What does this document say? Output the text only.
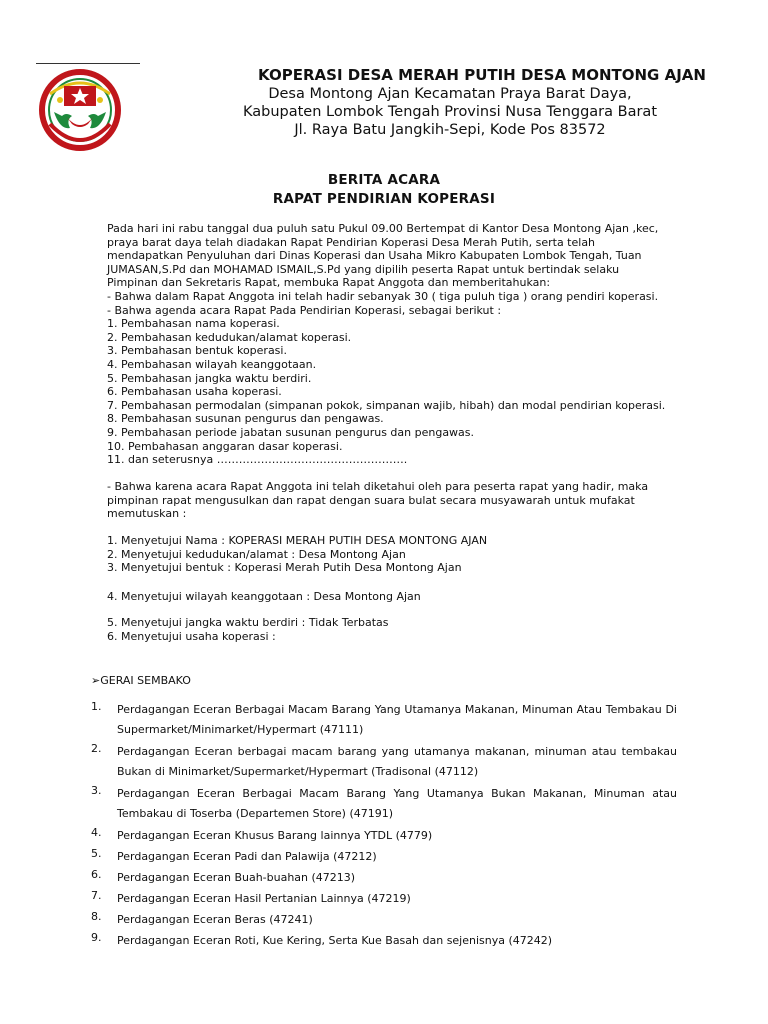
KOPERASI DESA MERAH PUTIH DESA MONTONG AJAN
Desa Montong Ajan Kecamatan Praya Barat Daya,
Kabupaten Lombok Tengah Provinsi Nusa Tenggara Barat
Jl. Raya Batu Jangkih-Sepi, Kode Pos 83572
BERITA ACARA
RAPAT PENDIRIAN KOPERASI
Pada hari ini rabu tanggal dua puluh satu Pukul 09.00 Bertempat di Kantor Desa Montong Ajan ,kec,
praya barat daya telah diadakan Rapat Pendirian Koperasi Desa Merah Putih, serta telah
mendapatkan Penyuluhan dari Dinas Koperasi dan Usaha Mikro Kabupaten Lombok Tengah, Tuan
JUMASAN,S.Pd dan MOHAMAD ISMAIL,S.Pd yang dipilih peserta Rapat untuk bertindak selaku
Pimpinan dan Sekretaris Rapat, membuka Rapat Anggota dan memberitahukan:
- Bahwa dalam Rapat Anggota ini telah hadir sebanyak 30 ( tiga puluh tiga ) orang pendiri koperasi.
- Bahwa agenda acara Rapat Pada Pendirian Koperasi, sebagai berikut :
1. Pembahasan nama koperasi.
2. Pembahasan kedudukan/alamat koperasi.
3. Pembahasan bentuk koperasi.
4. Pembahasan wilayah keanggotaan.
5. Pembahasan jangka waktu berdiri.
6. Pembahasan usaha koperasi.
7. Pembahasan permodalan (simpanan pokok, simpanan wajib, hibah) dan modal pendirian koperasi.
8. Pembahasan susunan pengurus dan pengawas.
9. Pembahasan periode jabatan susunan pengurus dan pengawas.
10. Pembahasan anggaran dasar koperasi.
11. dan seterusnya …………………………………………….
- Bahwa karena acara Rapat Anggota ini telah diketahui oleh para peserta rapat yang hadir, maka
pimpinan rapat mengusulkan dan rapat dengan suara bulat secara musyawarah untuk mufakat
memutuskan :
1. Menyetujui Nama : KOPERASI MERAH PUTIH DESA MONTONG AJAN
2. Menyetujui kedudukan/alamat : Desa Montong Ajan
3. Menyetujui bentuk : Koperasi Merah Putih Desa Montong Ajan
4. Menyetujui wilayah keanggotaan : Desa Montong Ajan
5. Menyetujui jangka waktu berdiri : Tidak Terbatas
6. Menyetujui usaha koperasi :
➢GERAI SEMBAKO
1. Perdagangan Eceran Berbagai Macam Barang Yang Utamanya Makanan, Minuman Atau Tembakau Di Supermarket/Minimarket/Hypermart (47111)
2. Perdagangan Eceran berbagai macam barang yang utamanya makanan, minuman atau tembakau Bukan di Minimarket/Supermarket/Hypermart (Tradisonal (47112)
3. Perdagangan Eceran Berbagai Macam Barang Yang Utamanya Bukan Makanan, Minuman atau Tembakau di Toserba (Departemen Store) (47191)
4. Perdagangan Eceran Khusus Barang lainnya YTDL (4779)
5. Perdagangan Eceran Padi dan Palawija (47212)
6. Perdagangan Eceran Buah-buahan (47213)
7. Perdagangan Eceran Hasil Pertanian Lainnya (47219)
8. Perdagangan Eceran Beras (47241)
9. Perdagangan Eceran Roti, Kue Kering, Serta Kue Basah dan sejenisnya (47242)
